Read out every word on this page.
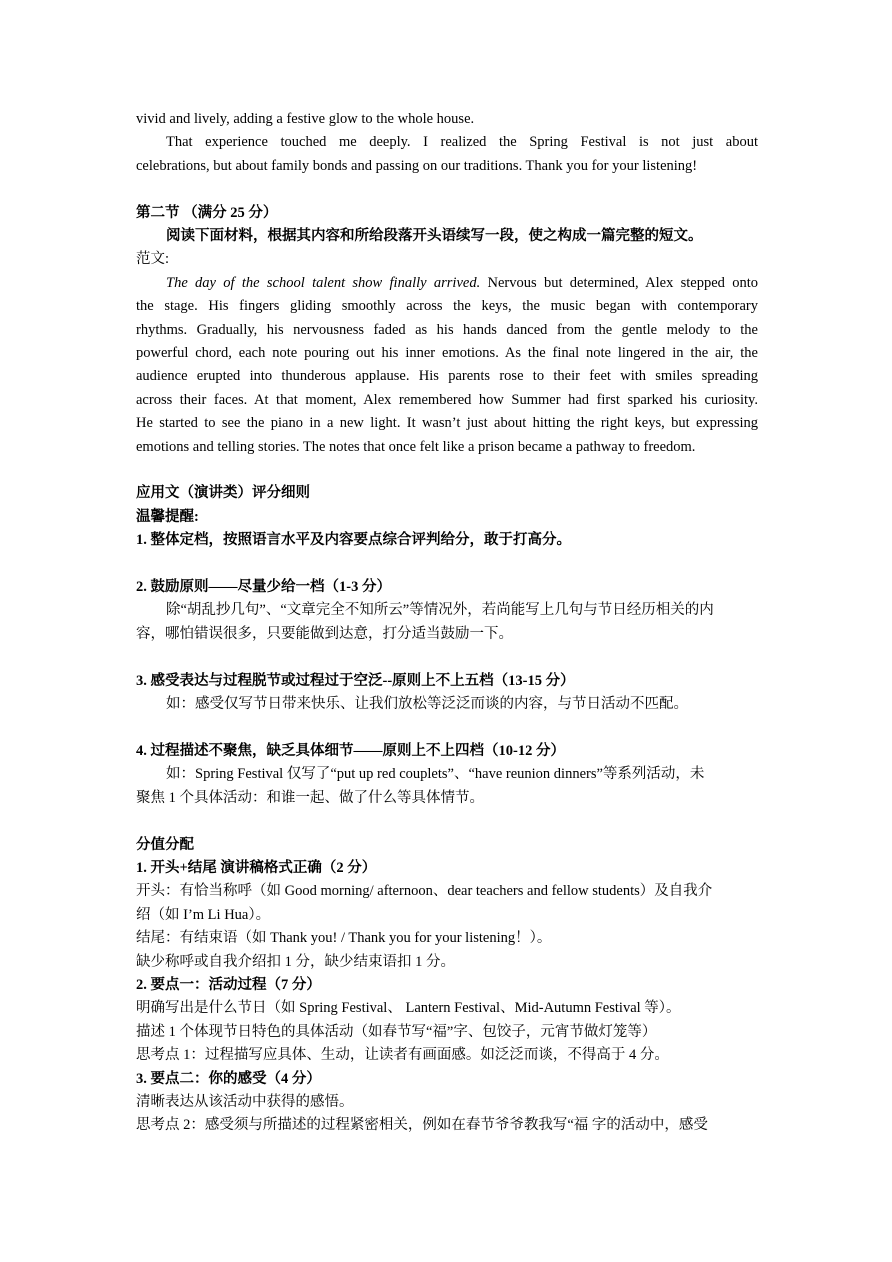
vivid and lively, adding a festive glow to the whole house.

That experience touched me deeply. I realized the Spring Festival is not just about

celebrations, but about family bonds and passing on our traditions. Thank you for your listening!

第二节 （满分 25 分）

阅读下面材料，根据其内容和所给段落开头语续写一段，使之构成一篇完整的短文。

范文:

The day of the school talent show finally arrived. Nervous but determined, Alex stepped onto

the stage. His fingers gliding smoothly across the keys, the music began with contemporary

rhythms. Gradually, his nervousness faded as his hands danced from the gentle melody to the

powerful chord, each note pouring out his inner emotions. As the final note lingered in the air, the

audience erupted into thunderous applause. His parents rose to their feet with smiles spreading

across their faces. At that moment, Alex remembered how Summer had first sparked his curiosity.

He started to see the piano in a new light. It wasn’t just about hitting the right keys, but expressing

emotions and telling stories. The notes that once felt like a prison became a pathway to freedom.

应用文（演讲类）评分细则

温馨提醒:

1. 整体定档，按照语言水平及内容要点综合评判给分，敢于打高分。

2. 鼓励原则——尽量少给一档（1-3 分）

除“胡乱抄几句”、“文章完全不知所云”等情况外，若尚能写上几句与节日经历相关的内

容，哪怕错误很多，只要能做到达意，打分适当鼓励一下。

3. 感受表达与过程脱节或过程过于空泛--原则上不上五档（13-15 分）

如：感受仅写节日带来快乐、让我们放松等泛泛而谈的内容，与节日活动不匹配。

4. 过程描述不聚焦，缺乏具体细节——原则上不上四档（10-12 分）

如：Spring Festival 仅写了“put up red couplets”、“have reunion dinners”等系列活动，未

聚焦 1 个具体活动：和谁一起、做了什么等具体情节。

分值分配

1. 开头+结尾 演讲稿格式正确（2 分）

开头：有恰当称呼（如 Good morning/ afternoon、dear teachers and fellow students）及自我介

绍（如 I’m Li Hua）。

结尾：有结束语（如 Thank you! / Thank you for your listening！）。

缺少称呼或自我介绍扣 1 分，缺少结束语扣 1 分。

2. 要点一：活动过程（7 分）

明确写出是什么节日（如 Spring Festival、 Lantern Festival、Mid-Autumn Festival 等）。

描述 1 个体现节日特色的具体活动（如春节写“福”字、包饺子，元宵节做灯笼等）

思考点 1：过程描写应具体、生动，让读者有画面感。如泛泛而谈，不得高于 4 分。

3. 要点二：你的感受（4 分）

清晰表达从该活动中获得的感悟。

思考点 2：感受须与所描述的过程紧密相关，例如在春节爷爷教我写“福 字的活动中，感受
